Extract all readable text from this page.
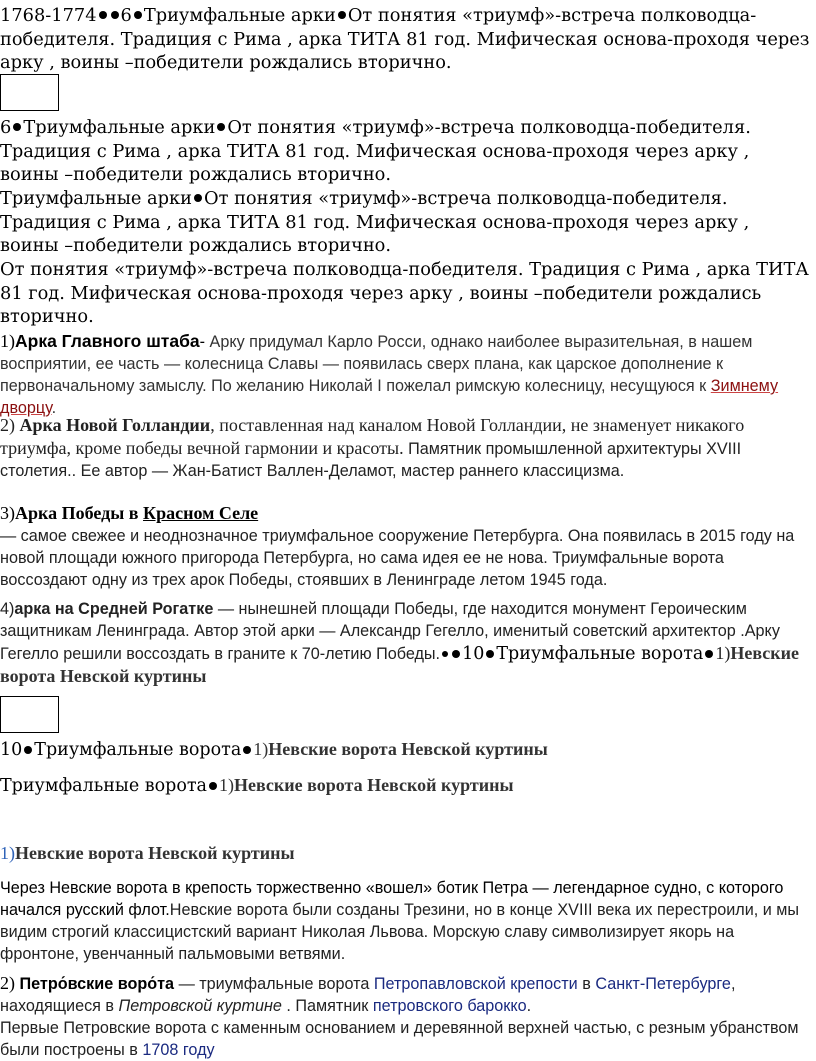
1768-1774 6 Триумфальные арки От понятия «триумф»-встреча полководца-победителя. Традиция с Рима , арка ТИТА 81 год. Мифическая основа-проходя через арку , воины –победители рождались вторично.
6 Триумфальные арки От понятия «триумф»-встреча полководца-победителя. Традиция с Рима , арка ТИТА 81 год. Мифическая основа-проходя через арку , воины –победители рождались вторично.
Триумфальные арки От понятия «триумф»-встреча полководца-победителя. Традиция с Рима , арка ТИТА 81 год. Мифическая основа-проходя через арку , воины –победители рождались вторично.
От понятия «триумф»-встреча полководца-победителя. Традиция с Рима , арка ТИТА 81 год. Мифическая основа-проходя через арку , воины –победители рождались вторично.
1)Арка Главного штаба- Арку придумал Карло Росси, однако наиболее выразительная, в нашем восприятии, ее часть — колесница Славы — появилась сверх плана, как царское дополнение к первоначальному замыслу. По желанию Николай I пожелал римскую колесницу, несущуюся к Зимнему дворцу.
2) Арка Новой Голландии, поставленная над каналом Новой Голландии, не знаменует никакого триумфа, кроме победы вечной гармонии и красоты. Памятник промышленной архитектуры XVIII столетия.. Ее автор — Жан-Батист Валлен-Деламот, мастер раннего классицизма.
3)Арка Победы в Красном Селе
— самое свежее и неоднозначное триумфальное сооружение Петербурга. Она появилась в 2015 году на новой площади южного пригорода Петербурга, но сама идея ее не нова. Триумфальные ворота воссоздают одну из трех арок Победы, стоявших в Ленинграде летом 1945 года.
4)арка на Средней Рогатке — нынешней площади Победы, где находится монумент Героическим защитникам Ленинграда. Автор этой арки — Александр Гегелло, именитый советский архитектор .Арку Гегелло решили воссоздать в граните к 70-летию Победы. 10 Триумфальные ворота 1)Невские ворота Невской куртины
10 Триумфальные ворота 1)Невские ворота Невской куртины
Триумфальные ворота 1)Невские ворота Невской куртины
1)Невские ворота Невской куртины
Через Невские ворота в крепость торжественно «вошел» ботик Петра — легендарное судно, с которого начался русский флот.Невские ворота были созданы Трезини, но в конце XVIII века их перестроили, и мы видим строгий классицистский вариант Николая Львова. Морскую славу символизирует якорь на фронтоне, увенчанный пальмовыми ветвями.
2) Петро́вские воро́та — триумфальные ворота Петропавловской крепости в Санкт-Петербурге, находящиеся в Петровской куртине . Памятник петровского барокко.
Первые Петровские ворота с каменным основанием и деревянной верхней частью, с резным убранством были построены в 1708 году
